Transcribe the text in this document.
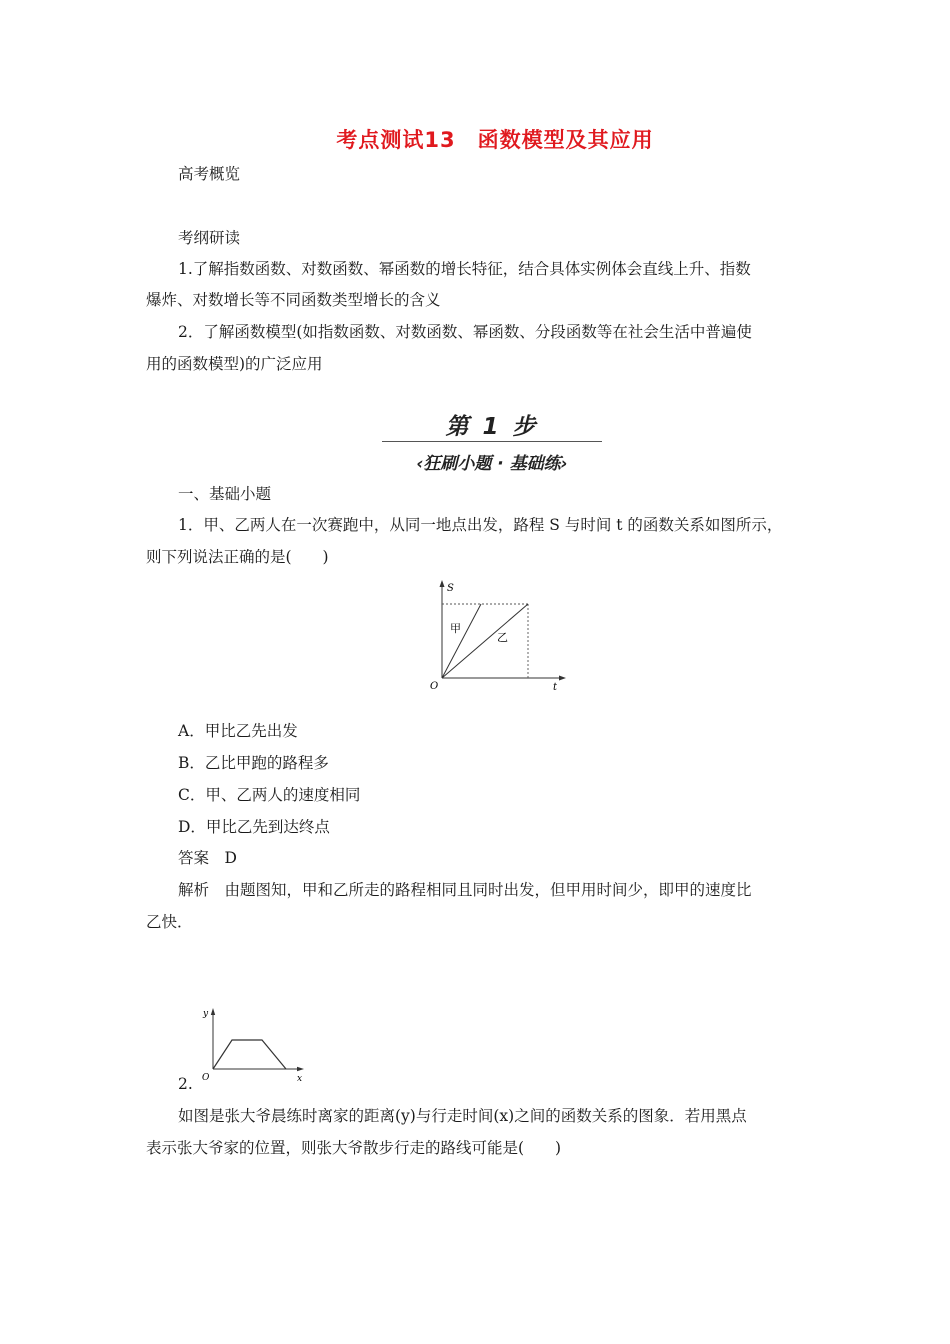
考点测试13　函数模型及其应用
高考概览
考纲研读
1.了解指数函数、对数函数、幂函数的增长特征，结合具体实例体会直线上升、指数
爆炸、对数增长等不同函数类型增长的含义
2．了解函数模型(如指数函数、对数函数、幂函数、分段函数等在社会生活中普遍使
用的函数模型)的广泛应用
第 1 步
‹狂刷小题 · 基础练›
一、基础小题
1．甲、乙两人在一次赛跑中，从同一地点出发，路程 S 与时间 t 的函数关系如图所示，
则下列说法正确的是(　　)
S
t
O
甲
乙
A．甲比乙先出发
B．乙比甲跑的路程多
C．甲、乙两人的速度相同
D．甲比乙先到达终点
答案　D
解析　由题图知，甲和乙所走的路程相同且同时出发，但甲用时间少，即甲的速度比
乙快．
y
x
O
2.
如图是张大爷晨练时离家的距离(y)与行走时间(x)之间的函数关系的图象．若用黑点
表示张大爷家的位置，则张大爷散步行走的路线可能是(　　)
